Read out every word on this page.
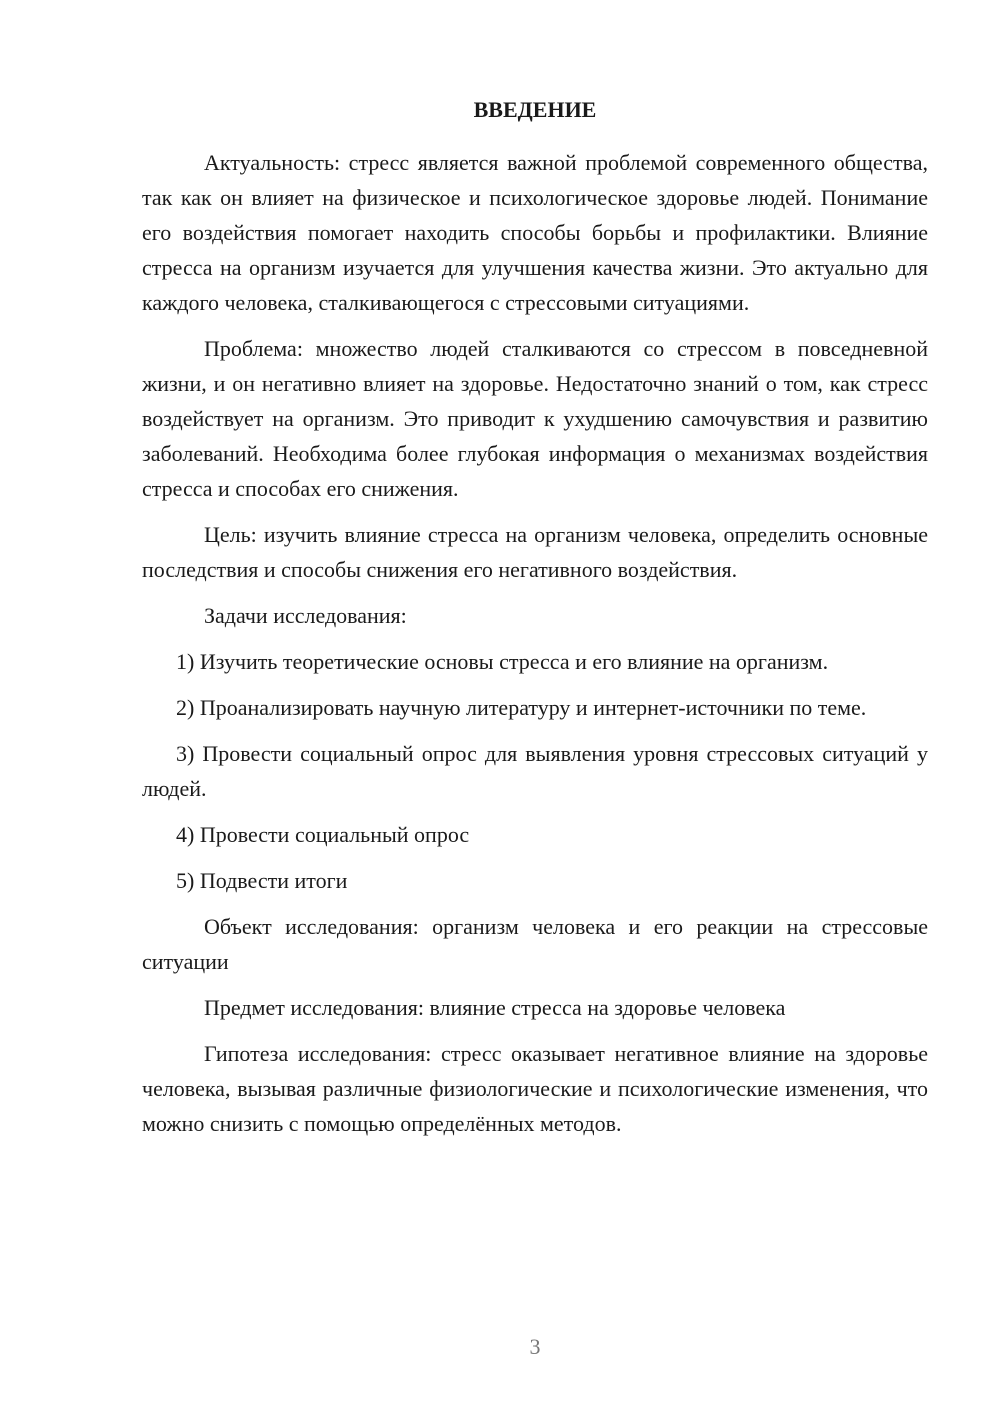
ВВЕДЕНИЕ

Актуальность: стресс является важной проблемой современного общества, так как он влияет на физическое и психологическое здоровье людей. Понимание его воздействия помогает находить способы борьбы и профилактики. Влияние стресса на организм изучается для улучшения качества жизни. Это актуально для каждого человека, сталкивающегося с стрессовыми ситуациями.

Проблема: множество людей сталкиваются со стрессом в повседневной жизни, и он негативно влияет на здоровье. Недостаточно знаний о том, как стресс воздействует на организм. Это приводит к ухудшению самочувствия и развитию заболеваний. Необходима более глубокая информация о механизмах воздействия стресса и способах его снижения.

Цель: изучить влияние стресса на организм человека, определить основные последствия и способы снижения его негативного воздействия.

Задачи исследования:

1) Изучить теоретические основы стресса и его влияние на организм.

2) Проанализировать научную литературу и интернет-источники по теме.

3) Провести социальный опрос для выявления уровня стрессовых ситуаций у людей.

4) Провести социальный опрос

5) Подвести итоги

Объект исследования: организм человека и его реакции на стрессовые ситуации

Предмет исследования: влияние стресса на здоровье человека

Гипотеза исследования: стресс оказывает негативное влияние на здоровье человека, вызывая различные физиологические и психологические изменения, что можно снизить с помощью определённых методов.

3
